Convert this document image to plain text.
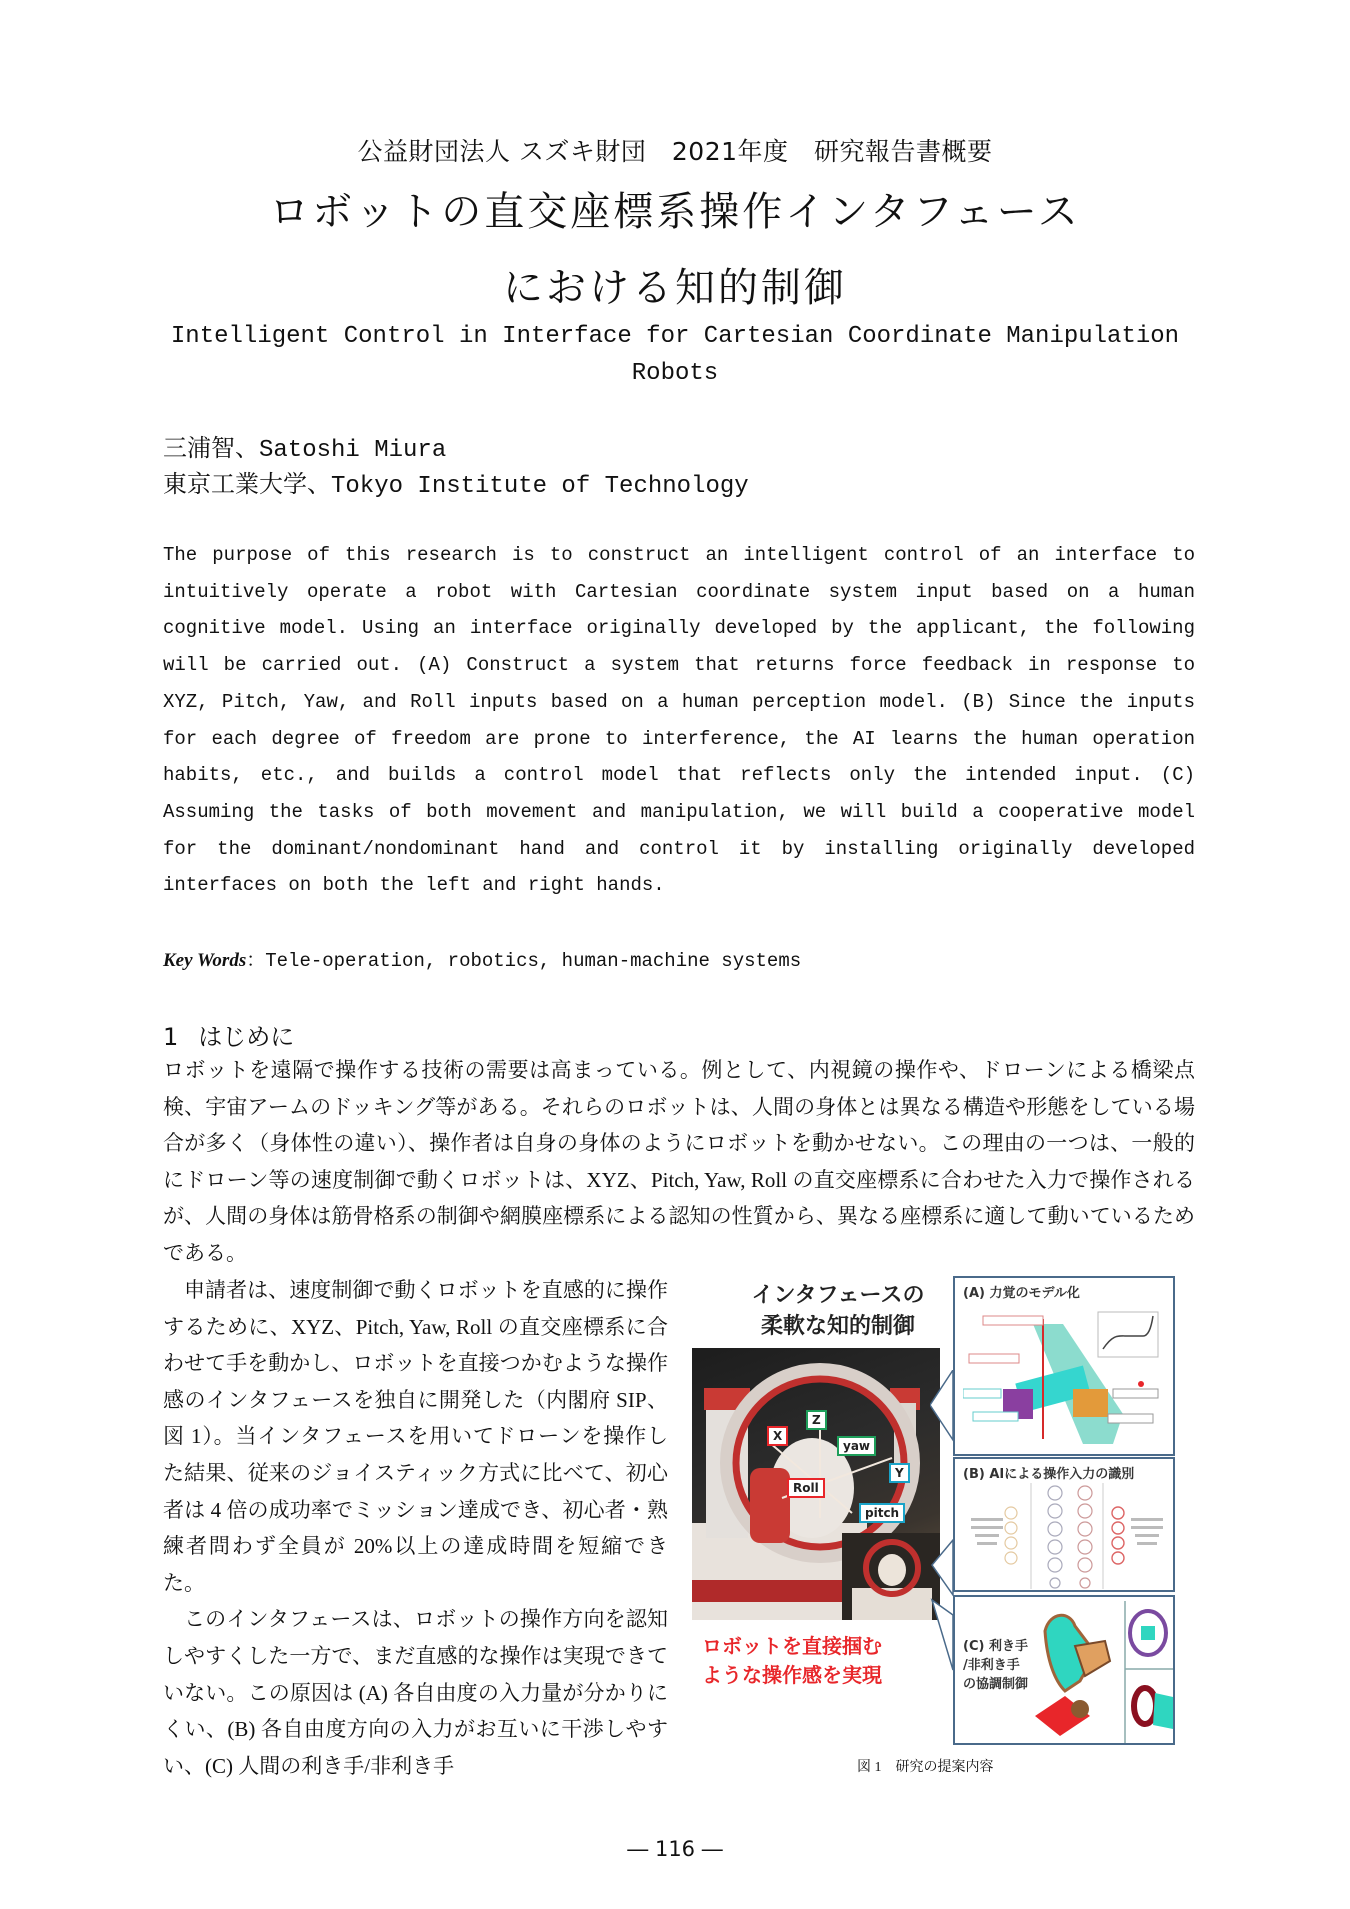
公益財団法人 スズキ財団　2021年度　研究報告書概要
ロボットの直交座標系操作インタフェース
における知的制御
Intelligent Control in Interface for Cartesian Coordinate Manipulation Robots
三浦智、Satoshi Miura
東京工業大学、Tokyo Institute of Technology

The purpose of this research is to construct an intelligent control of an interface to intuitively operate a robot with Cartesian coordinate system input based on a human cognitive model. Using an interface originally developed by the applicant, the following will be carried out. (A) Construct a system that returns force feedback in response to XYZ, Pitch, Yaw, and Roll inputs based on a human perception model. (B) Since the inputs for each degree of freedom are prone to interference, the AI learns the human operation habits, etc., and builds a control model that reflects only the intended input. (C) Assuming the tasks of both movement and manipulation, we will build a cooperative model for the dominant/nondominant hand and control it by installing originally developed interfaces on both the left and right hands.

Key Words：Tele-operation, robotics, human-machine systems
1 はじめに

ロボットを遠隔で操作する技術の需要は高まっている。例として、内視鏡の操作や、ドローンによる橋梁点検、宇宙アームのドッキング等がある。それらのロボットは、人間の身体とは異なる構造や形態をしている場合が多く（身体性の違い）、操作者は自身の身体のようにロボットを動かせない。この理由の一つは、一般的にドローン等の速度制御で動くロボットは、XYZ、Pitch, Yaw, Roll の直交座標系に合わせた入力で操作されるが、人間の身体は筋骨格系の制御や網膜座標系による認知の性質から、異なる座標系に適して動いているためである。

申請者は、速度制御で動くロボットを直感的に操作するために、XYZ、Pitch, Yaw, Roll の直交座標系に合わせて手を動かし、ロボットを直接つかむような操作感のインタフェースを独自に開発した（内閣府 SIP、図 1）。当インタフェースを用いてドローンを操作した結果、従来のジョイスティック方式に比べて、初心者は 4 倍の成功率でミッション達成でき、初心者・熟練者問わず全員が 20%以上の達成時間を短縮できた。

このインタフェースは、ロボットの操作方向を認知しやすくした一方で、まだ直感的な操作は実現できていない。この原因は (A) 各自由度の入力量が分かりにくい、(B) 各自由度方向の入力がお互いに干渉しやすい、(C) 人間の利き手/非利き手

インタフェースの
柔軟な知的制御
Z
X
yaw
Roll
Y
pitch
ロボットを直接掴む
ような操作感を実現
(A) 力覚のモデル化
(B) AIによる操作入力の識別
(C) 利き手
/非利き手
の協調制御
図 1　研究の提案内容
― 116 ―
